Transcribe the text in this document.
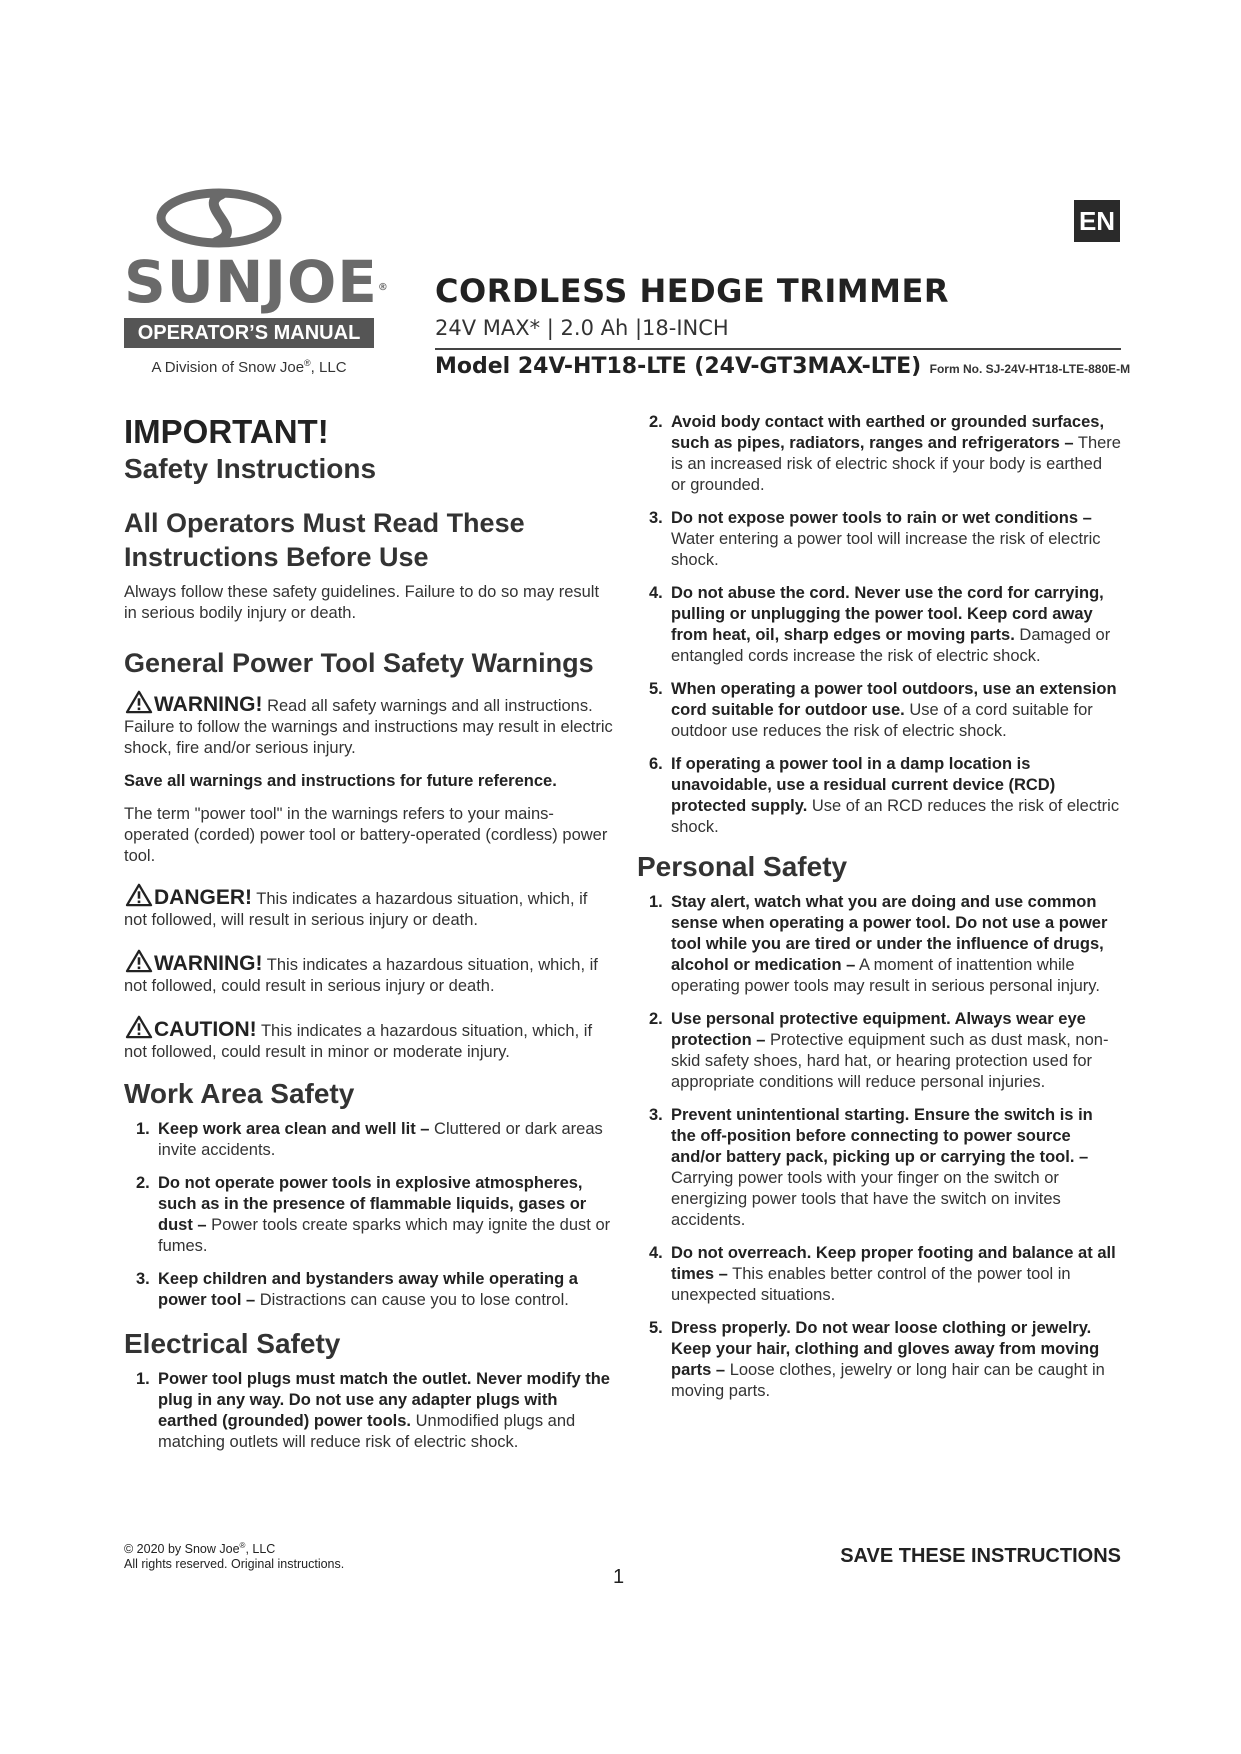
SUNJOE®
OPERATOR’S MANUAL
A Division of Snow Joe®, LLC
EN
CORDLESS HEDGE TRIMMER
24V MAX* | 2.0 Ah |18-INCH
Model 24V-HT18-LTE (24V-GT3MAX-LTE) Form No. SJ-24V-HT18-LTE-880E-M
IMPORTANT!
Safety Instructions
All Operators Must Read These Instructions Before Use

Always follow these safety guidelines. Failure to do so may result in serious bodily injury or death.

General Power Tool Safety Warnings
WARNING! Read all safety warnings and all instructions. Failure to follow the warnings and instructions may result in electric shock, fire and/or serious injury.

Save all warnings and instructions for future reference.

The term "power tool" in the warnings refers to your mains-operated (corded) power tool or battery-operated (cordless) power tool.

DANGER! This indicates a hazardous situation, which, if not followed, will result in serious injury or death.
WARNING! This indicates a hazardous situation, which, if not followed, could result in serious injury or death.
CAUTION! This indicates a hazardous situation, which, if not followed, could result in minor or moderate injury.
Work Area Safety
1. Keep work area clean and well lit – Cluttered or dark areas invite accidents.
2. Do not operate power tools in explosive atmospheres, such as in the presence of flammable liquids, gases or dust – Power tools create sparks which may ignite the dust or fumes.
3. Keep children and bystanders away while operating a power tool – Distractions can cause you to lose control.
Electrical Safety
1. Power tool plugs must match the outlet. Never modify the plug in any way. Do not use any adapter plugs with earthed (grounded) power tools. Unmodified plugs and matching outlets will reduce risk of electric shock.
2. Avoid body contact with earthed or grounded surfaces, such as pipes, radiators, ranges and refrigerators – There is an increased risk of electric shock if your body is earthed or grounded.
3. Do not expose power tools to rain or wet conditions – Water entering a power tool will increase the risk of electric shock.
4. Do not abuse the cord. Never use the cord for carrying, pulling or unplugging the power tool. Keep cord away from heat, oil, sharp edges or moving parts. Damaged or entangled cords increase the risk of electric shock.
5. When operating a power tool outdoors, use an extension cord suitable for outdoor use. Use of a cord suitable for outdoor use reduces the risk of electric shock.
6. If operating a power tool in a damp location is unavoidable, use a residual current device (RCD) protected supply. Use of an RCD reduces the risk of electric shock.
Personal Safety
1. Stay alert, watch what you are doing and use common sense when operating a power tool. Do not use a power tool while you are tired or under the influence of drugs, alcohol or medication – A moment of inattention while operating power tools may result in serious personal injury.
2. Use personal protective equipment. Always wear eye protection – Protective equipment such as dust mask, non-skid safety shoes, hard hat, or hearing protection used for appropriate conditions will reduce personal injuries.
3. Prevent unintentional starting. Ensure the switch is in the off-position before connecting to power source and/or battery pack, picking up or carrying the tool. – Carrying power tools with your finger on the switch or energizing power tools that have the switch on invites accidents.
4. Do not overreach. Keep proper footing and balance at all times – This enables better control of the power tool in unexpected situations.
5. Dress properly. Do not wear loose clothing or jewelry. Keep your hair, clothing and gloves away from moving parts – Loose clothes, jewelry or long hair can be caught in moving parts.
© 2020 by Snow Joe®, LLC
All rights reserved. Original instructions.
1
SAVE THESE INSTRUCTIONS
